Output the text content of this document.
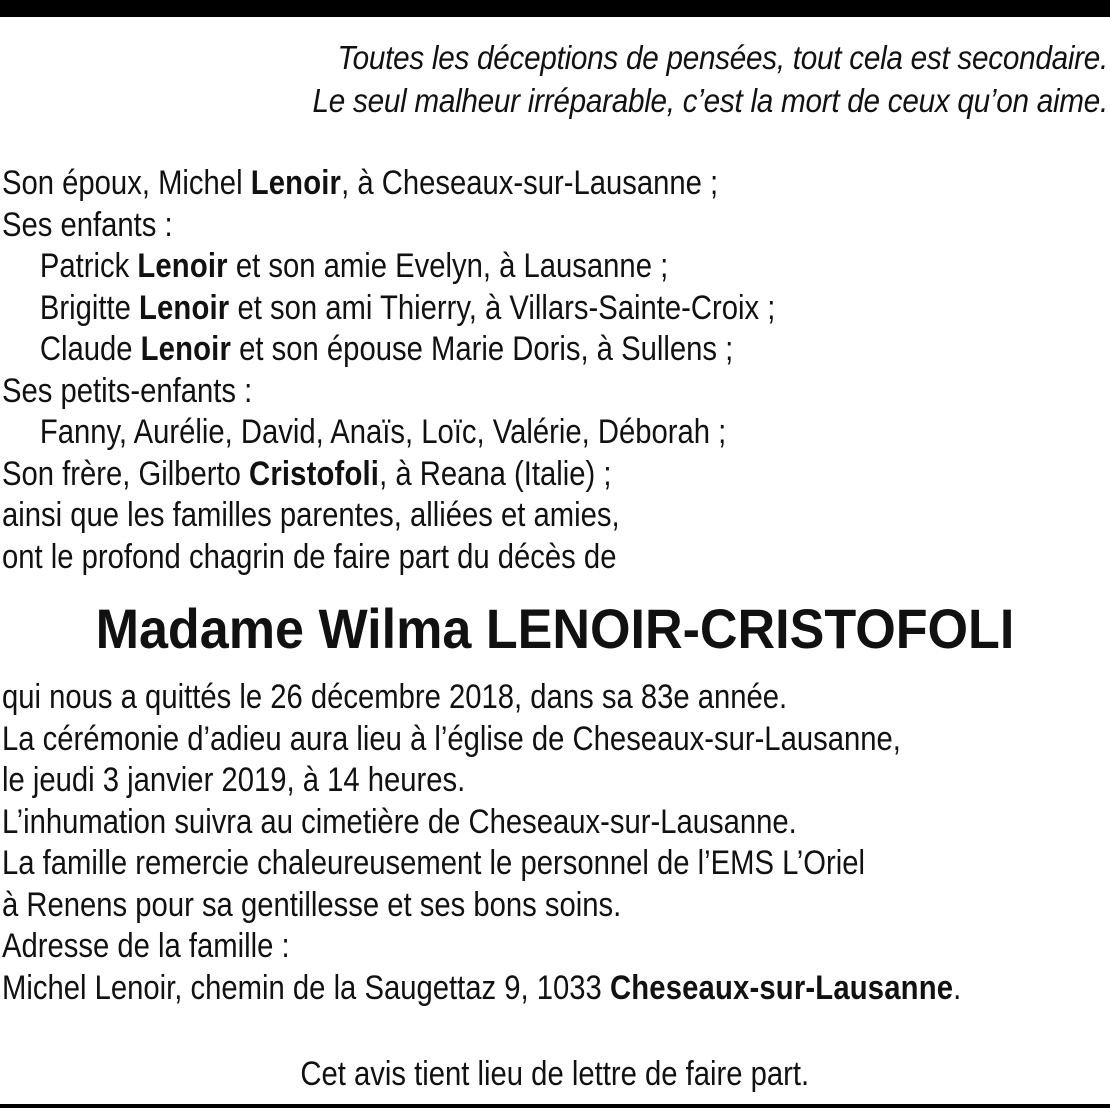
Toutes les déceptions de pensées, tout cela est secondaire.
Le seul malheur irréparable, c’est la mort de ceux qu’on aime.
Son époux, Michel Lenoir, à Cheseaux-sur-Lausanne ;
Ses enfants :
Patrick Lenoir et son amie Evelyn, à Lausanne ;
Brigitte Lenoir et son ami Thierry, à Villars-Sainte-Croix ;
Claude Lenoir et son épouse Marie Doris, à Sullens ;
Ses petits-enfants :
Fanny, Aurélie, David, Anaïs, Loïc, Valérie, Déborah ;
Son frère, Gilberto Cristofoli, à Reana (Italie) ;
ainsi que les familles parentes, alliées et amies,
ont le profond chagrin de faire part du décès de
Madame Wilma LENOIR-CRISTOFOLI
qui nous a quittés le 26 décembre 2018, dans sa 83e année.
La cérémonie d’adieu aura lieu à l’église de Cheseaux-sur-Lausanne,
le jeudi 3 janvier 2019, à 14 heures.
L’inhumation suivra au cimetière de Cheseaux-sur-Lausanne.
La famille remercie chaleureusement le personnel de l’EMS L’Oriel
à Renens pour sa gentillesse et ses bons soins.
Adresse de la famille :
Michel Lenoir, chemin de la Saugettaz 9, 1033 Cheseaux-sur-Lausanne.
Cet avis tient lieu de lettre de faire part.
